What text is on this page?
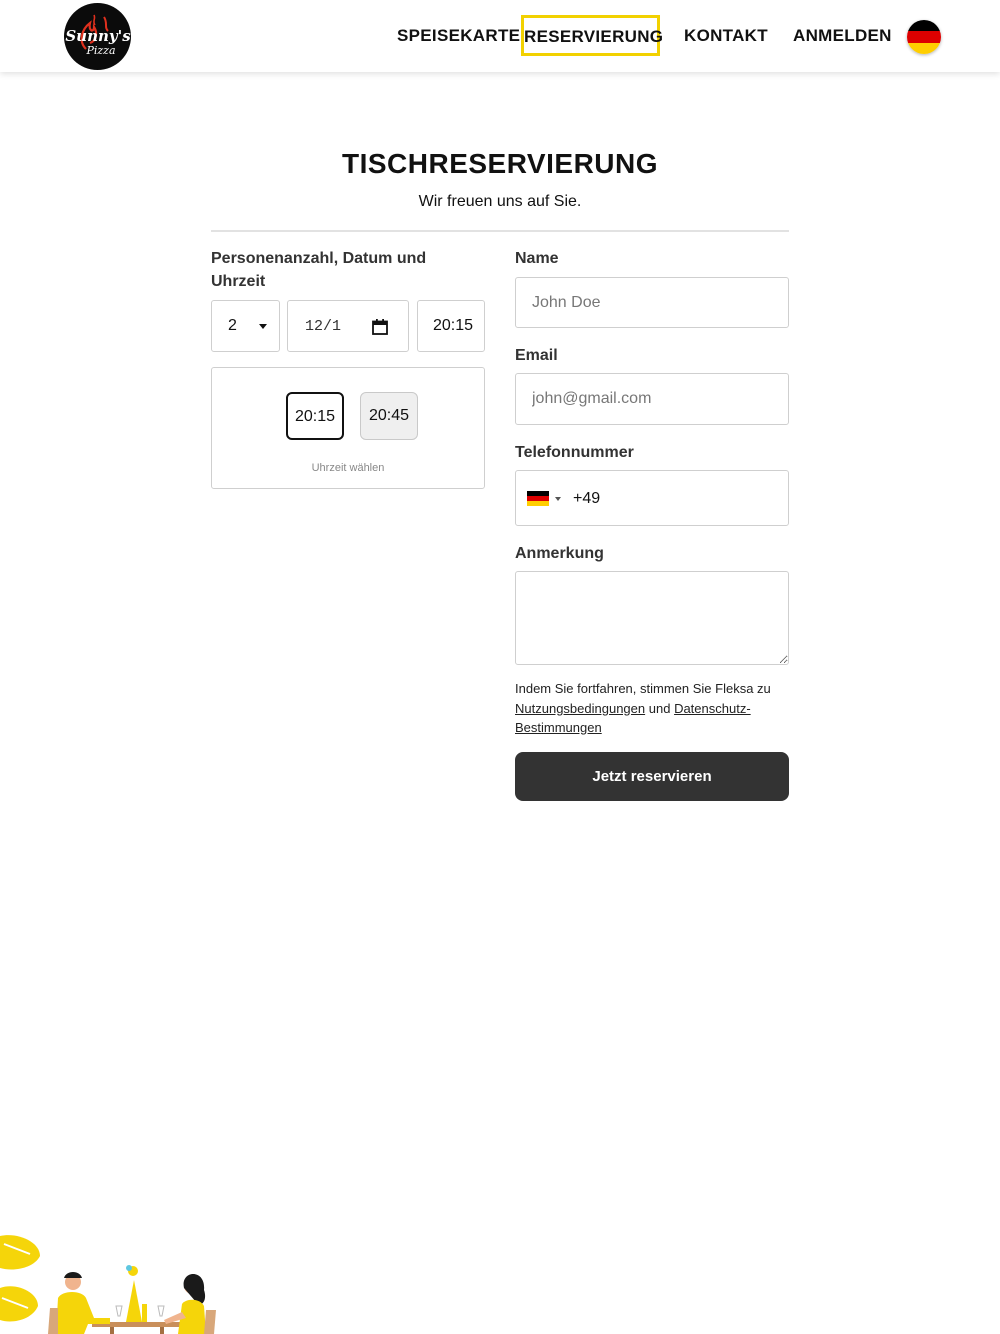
Sunny's
Pizza
SPEISEKARTE RESERVIERUNG KONTAKT ANMELDEN
TISCHRESERVIERUNG

Wir freuen uns auf Sie.

Personenanzahl, Datum und Uhrzeit
2	12/1	20:15
20:15	20:45
Uhrzeit wählen
Name
John Doe
Email
john@gmail.com
Telefonnummer
+49
Anmerkung

Indem Sie fortfahren, stimmen Sie Fleksa zu Nutzungsbedingungen und Datenschutz-Bestimmungen

Jetzt reservieren
